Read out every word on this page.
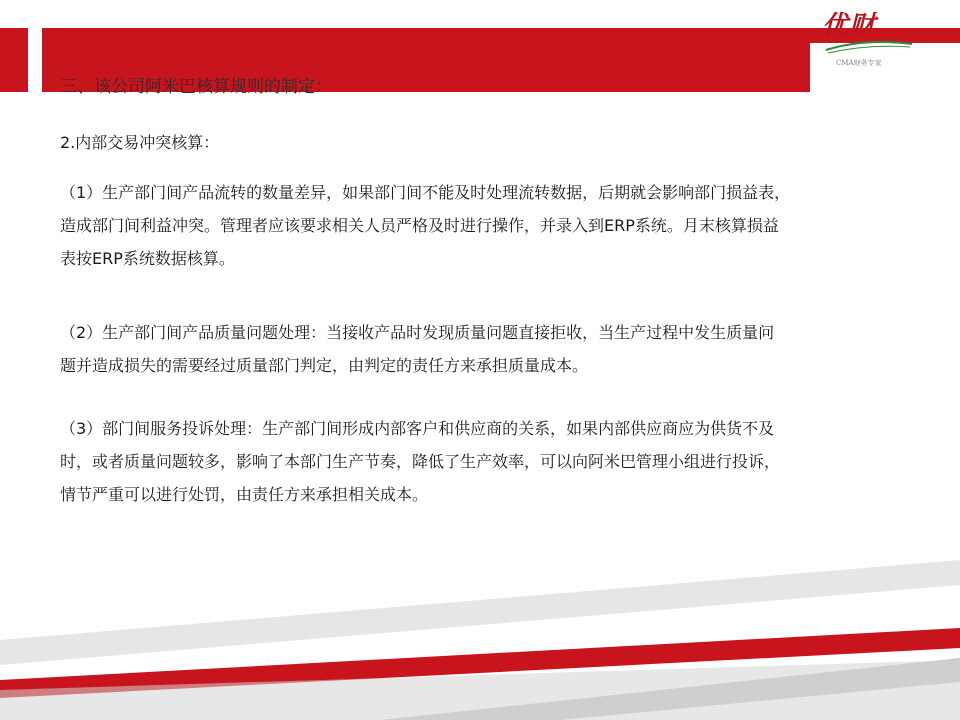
优财
CMA财务专家
三、该公司阿米巴核算规则的制定：
2.内部交易冲突核算：
（1）生产部门间产品流转的数量差异，如果部门间不能及时处理流转数据，后期就会影响部门损益表，
造成部门间利益冲突。管理者应该要求相关人员严格及时进行操作，并录入到ERP系统。月末核算损益
表按ERP系统数据核算。
（2）生产部门间产品质量问题处理：当接收产品时发现质量问题直接拒收，当生产过程中发生质量问
题并造成损失的需要经过质量部门判定，由判定的责任方来承担质量成本。
（3）部门间服务投诉处理：生产部门间形成内部客户和供应商的关系，如果内部供应商应为供货不及
时，或者质量问题较多，影响了本部门生产节奏，降低了生产效率，可以向阿米巴管理小组进行投诉，
情节严重可以进行处罚，由责任方来承担相关成本。
